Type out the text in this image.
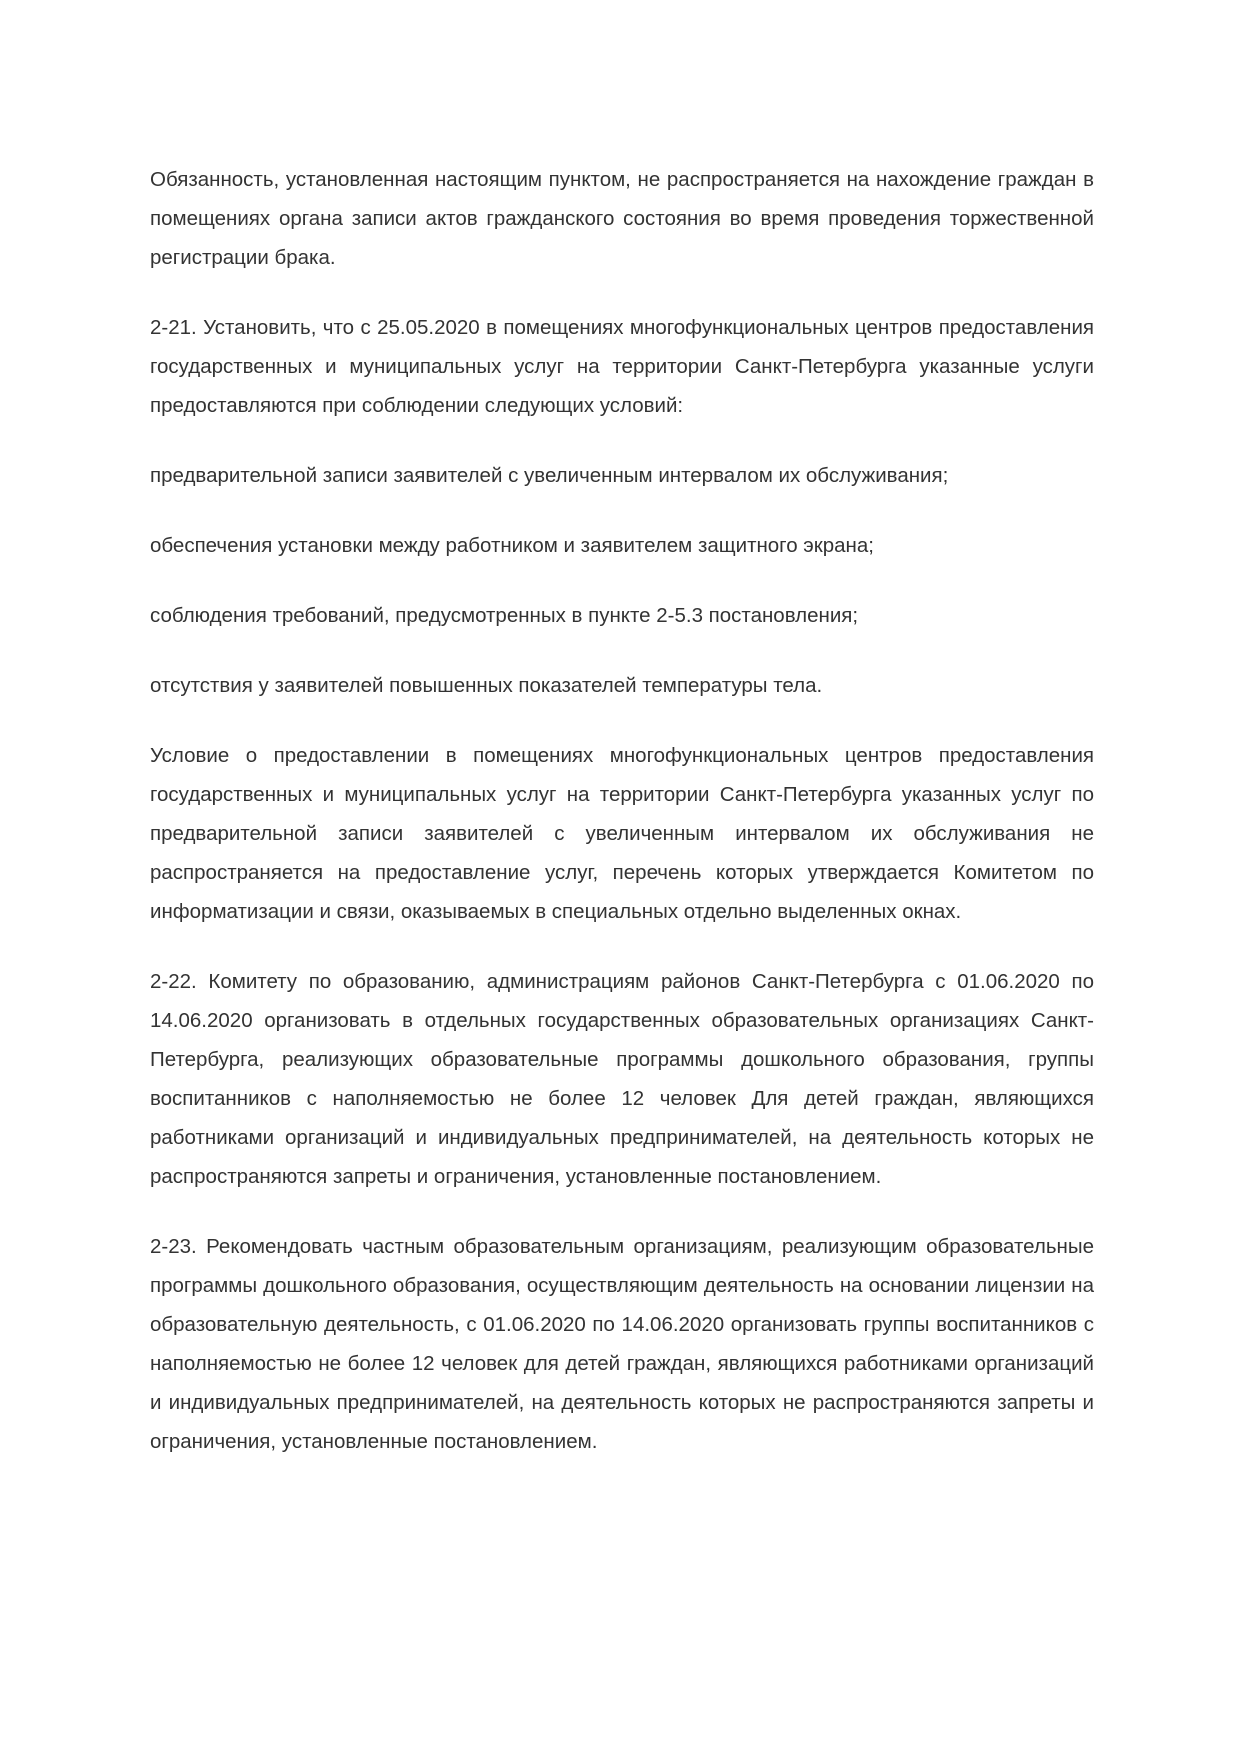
Обязанность, установленная настоящим пунктом, не распространяется на нахождение граждан в помещениях органа записи актов гражданского состояния во время проведения торжественной регистрации брака.

2-21. Установить, что с 25.05.2020 в помещениях многофункциональных центров предоставления государственных и муниципальных услуг на территории Санкт-Петербурга указанные услуги предоставляются при соблюдении следующих условий:

предварительной записи заявителей с увеличенным интервалом их обслуживания;

обеспечения установки между работником и заявителем защитного экрана;

соблюдения требований, предусмотренных в пункте 2-5.3 постановления;

отсутствия у заявителей повышенных показателей температуры тела.

Условие о предоставлении в помещениях многофункциональных центров предоставления государственных и муниципальных услуг на территории Санкт-Петербурга указанных услуг по предварительной записи заявителей с увеличенным интервалом их обслуживания не распространяется на предоставление услуг, перечень которых утверждается Комитетом по информатизации и связи, оказываемых в специальных отдельно выделенных окнах.

2-22. Комитету по образованию, администрациям районов Санкт-Петербурга с 01.06.2020 по 14.06.2020 организовать в отдельных государственных образовательных организациях Санкт-Петербурга, реализующих образовательные программы дошкольного образования, группы воспитанников с наполняемостью не более 12 человек Для детей граждан, являющихся работниками организаций и индивидуальных предпринимателей, на деятельность которых не распространяются запреты и ограничения, установленные постановлением.

2-23. Рекомендовать частным образовательным организациям, реализующим образовательные программы дошкольного образования, осуществляющим деятельность на основании лицензии на образовательную деятельность, с 01.06.2020 по 14.06.2020 организовать группы воспитанников с наполняемостью не более 12 человек для детей граждан, являющихся работниками организаций и индивидуальных предпринимателей, на деятельность которых не распространяются запреты и ограничения, установленные постановлением.
